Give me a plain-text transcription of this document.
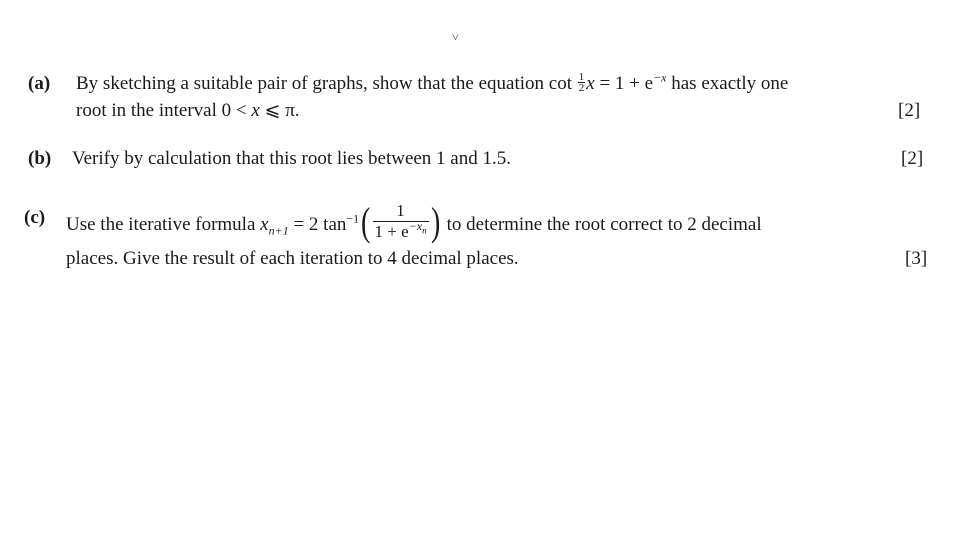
˅
(a) By sketching a suitable pair of graphs, show that the equation $\cot \frac{1}{2}$ $x = 1 + e^{-x}$ has exactly one
root in the interval 0 < x ⩽ π.	[2]
(b) Verify by calculation that this root lies between 1 and 1.5.	[2]
(c) Use the iterative formula $x_{n+1} = 2$ $\tan^{-1}( \frac{1}{1 + e^{-x_n}}$ ) to determine the root correct to 2 decimal
places. Give the result of each iteration to 4 decimal places.	[3]
